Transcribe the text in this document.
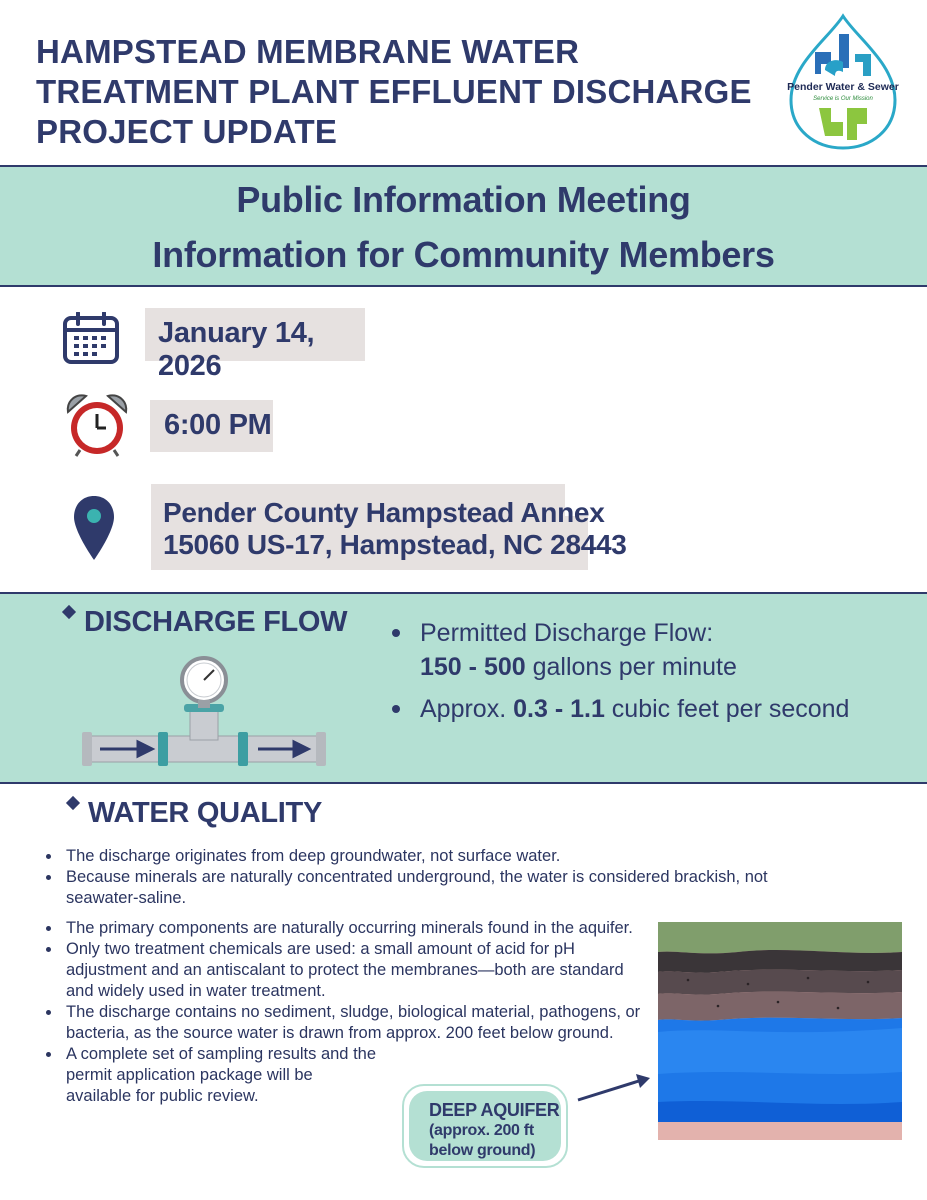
HAMPSTEAD MEMBRANE WATER
TREATMENT PLANT EFFLUENT DISCHARGE
PROJECT UPDATE
Pender Water & Sewer
Service is Our Mission
Public Information Meeting
Information for Community Members
January 14, 2026
6:00 PM
Pender County Hampstead Annex
15060 US-17, Hampstead, NC 28443
DISCHARGE FLOW	Permitted Discharge Flow:
150 - 500 gallons per minute
Approx. 0.3 - 1.1 cubic feet per second
WATER QUALITY
The discharge originates from deep groundwater, not surface water.
Because minerals are naturally concentrated underground, the water is considered brackish, not seawater-saline.
The primary components are naturally occurring minerals found in the aquifer.
Only two treatment chemicals are used: a small amount of acid for pH adjustment and an antiscalant to protect the membranes—both are standard and widely used in water treatment.
The discharge contains no sediment, sludge, biological material, pathogens, or bacteria, as the source water is drawn from approx. 200 feet below ground.
A complete set of sampling results and the permit application package will be available for public review.
DEEP AQUIFER
(approx. 200 ft
below ground)
